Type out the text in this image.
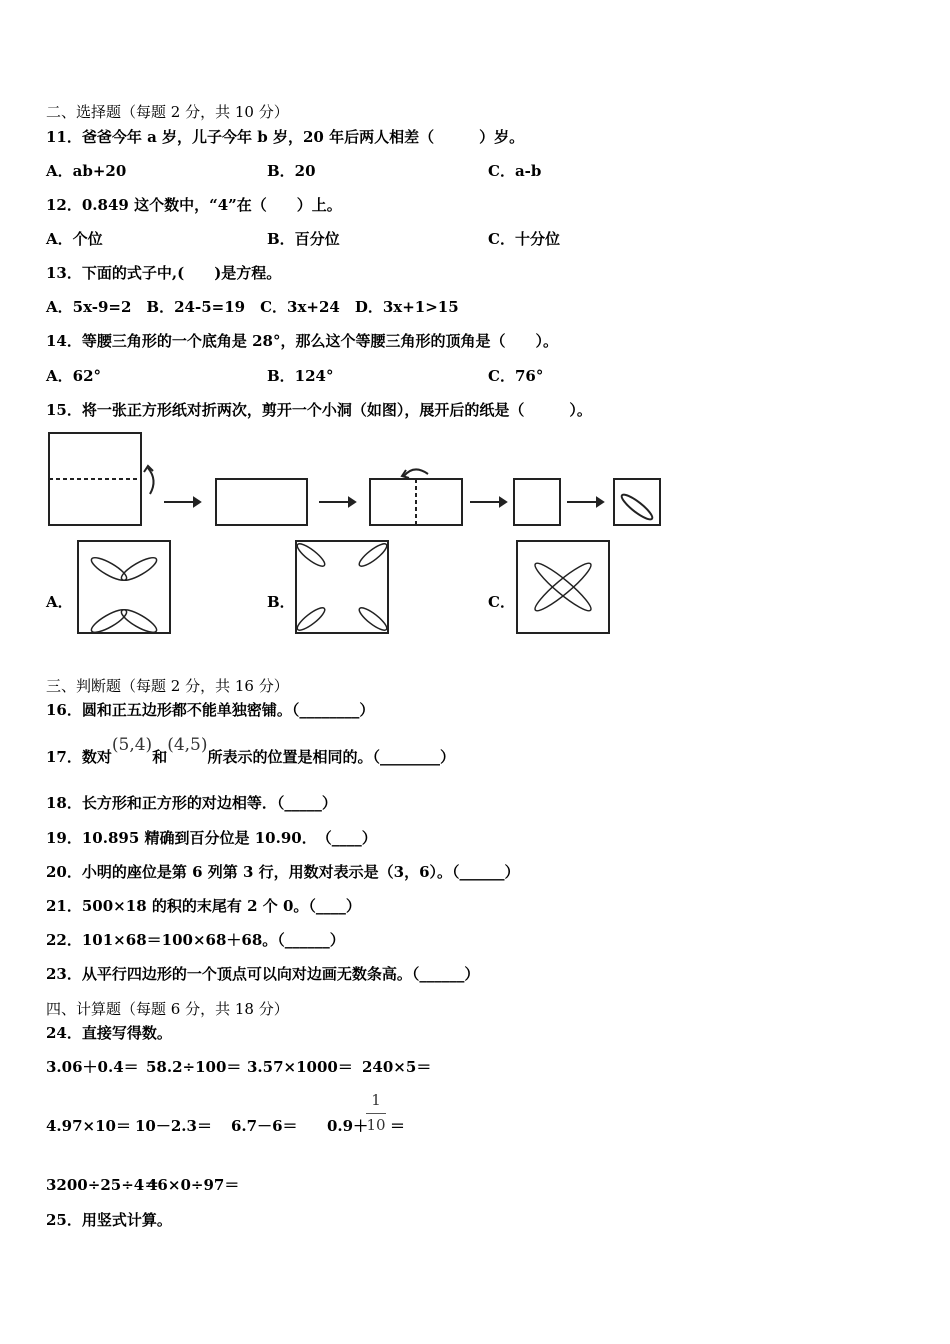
二、选择题（每题 2 分，共 10 分）
11．爸爸今年 a 岁，儿子今年 b 岁，20 年后两人相差（　　　）岁。
A．ab+20	B．20	C．a-b
12．0.849 这个数中，“4”在（　　）上。
A．个位	B．百分位	C．十分位
13．下面的式子中,(　　)是方程。
A．5x-9=2　B．24-5=19　C．3x+24　D．3x+1>15
14．等腰三角形的一个底角是 28°，那么这个等腰三角形的顶角是（　　）。
A．62°	B．124°	C．76°
15．将一张正方形纸对折两次，剪开一个小洞（如图），展开后的纸是（　　　）。
A．	B．	C．
三、判断题（每题 2 分，共 16 分）
16．圆和正五边形都不能单独密铺。（________）
17．数对(5,4)和(4,5)所表示的位置是相同的。（________）
18．长方形和正方形的对边相等．（_____）
19．10.895 精确到百分位是 10.90．　（____）
20．小明的座位是第 6 列第 3 行，用数对表示是（3，6）。（______）
21．500×18 的积的末尾有 2 个 0。（____）
22．101×68＝100×68＋68。（______）
23．从平行四边形的一个顶点可以向对边画无数条高。（______）
四、计算题（每题 6 分，共 18 分）
24．直接写得数。
3.06＋0.4＝ 58.2÷100＝ 3.57×1000＝ 240×5＝
4.97×10＝ 10－2.3＝ 6.7－6＝ 0.9＋
1
10 ＝
3200÷25÷4＝
46×0÷97＝
25．用竖式计算。
